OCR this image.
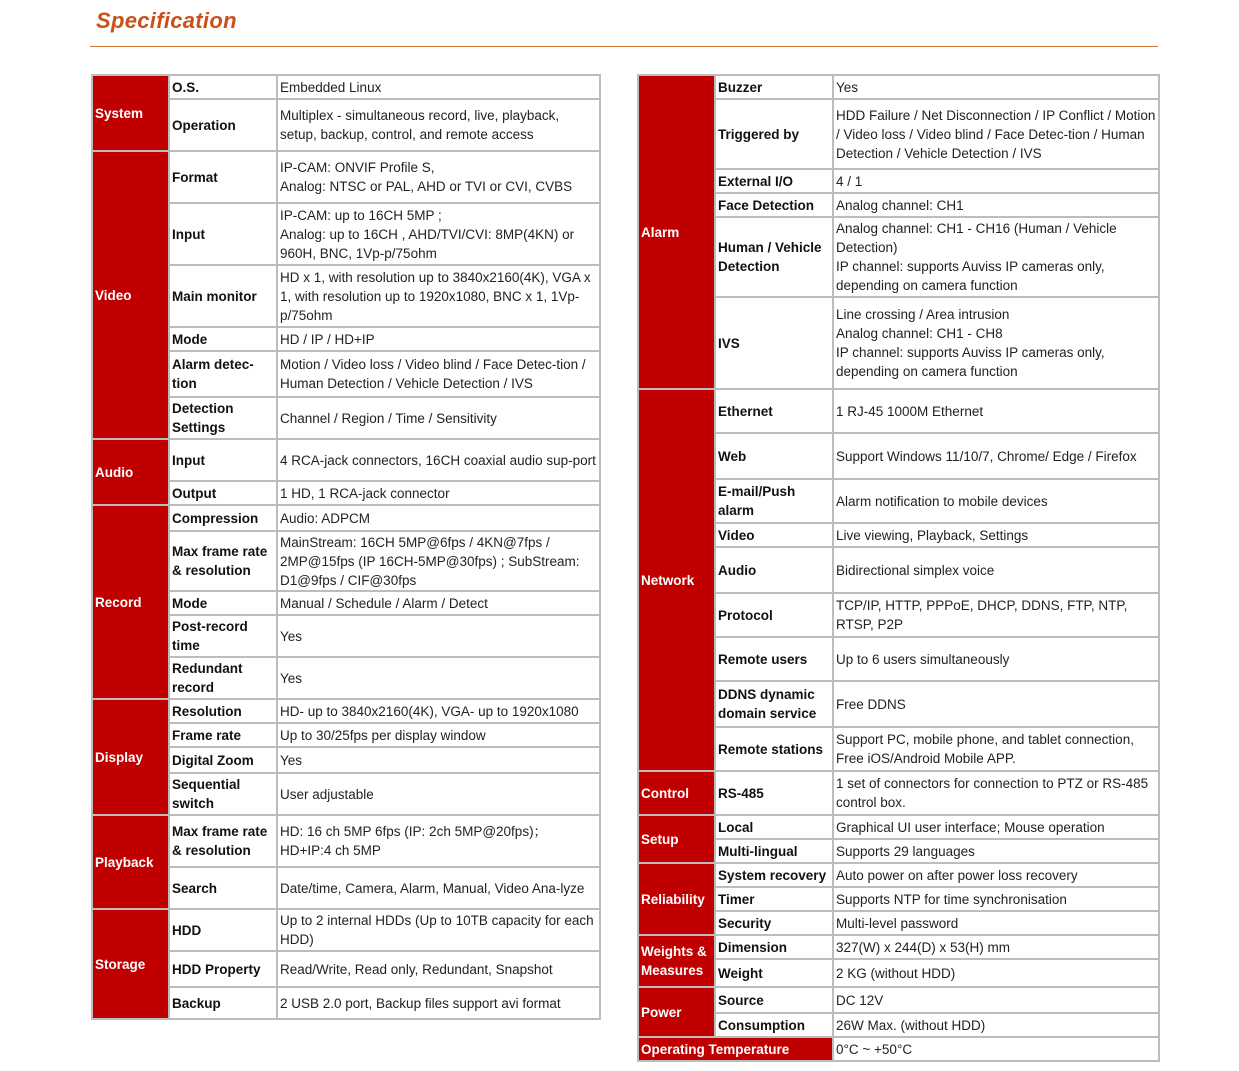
Specification
System	O.S.	Embedded Linux
	Operation	Multiplex - simultaneous record, live, playback, setup, backup, control, and remote access
Video	Format	IP-CAM: ONVIF Profile S,
Analog: NTSC or PAL, AHD or TVI or CVI, CVBS
	Input	IP-CAM: up to 16CH 5MP ;
Analog: up to 16CH , AHD/TVI/CVI: 8MP(4KN) or 960H, BNC, 1Vp-p/75ohm
	Main monitor	HD x 1, with resolution up to 3840x2160(4K), VGA x 1, with resolution up to 1920x1080, BNC x 1, 1Vp-p/75ohm
	Mode	HD / IP / HD+IP
	Alarm detec-tion	Motion / Video loss / Video blind / Face Detec-tion / Human Detection / Vehicle Detection / IVS
	Detection Settings	Channel / Region / Time / Sensitivity
Audio	Input	4 RCA-jack connectors, 16CH coaxial audio sup-port
	Output	1 HD, 1 RCA-jack connector
Record	Compression	Audio: ADPCM
	Max frame rate & resolution	MainStream: 16CH 5MP@6fps / 4KN@7fps / 2MP@15fps (IP 16CH-5MP@30fps) ; SubStream: D1@9fps / CIF@30fps
	Mode	Manual / Schedule / Alarm / Detect
	Post-record time	Yes
	Redundant record	Yes
Display	Resolution	HD- up to 3840x2160(4K), VGA- up to 1920x1080
	Frame rate	Up to 30/25fps per display window
	Digital Zoom	Yes
	Sequential switch	User adjustable
Playback	Max frame rate & resolution	HD: 16 ch 5MP 6fps (IP: 2ch 5MP@20fps)；
HD+IP:4 ch 5MP
	Search	Date/time, Camera, Alarm, Manual, Video Ana-lyze
Storage	HDD	Up to 2 internal HDDs (Up to 10TB capacity for each HDD)
	HDD Property	Read/Write, Read only, Redundant, Snapshot
	Backup	2 USB 2.0 port, Backup files support avi format
Alarm	Buzzer	Yes
	Triggered by	HDD Failure / Net Disconnection / IP Conflict / Motion / Video loss / Video blind / Face Detec-tion / Human Detection / Vehicle Detection / IVS
	External I/O	4 / 1
	Face Detection	Analog channel: CH1
	Human / Vehicle Detection	Analog channel: CH1 - CH16 (Human / Vehicle Detection)
IP channel: supports Auviss IP cameras only, depending on camera function
	IVS	Line crossing / Area intrusion
Analog channel: CH1 - CH8
IP channel: supports Auviss IP cameras only, depending on camera function
Network	Ethernet	1 RJ-45 1000M Ethernet
	Web	Support Windows 11/10/7, Chrome/ Edge / Firefox
	E-mail/Push alarm	Alarm notification to mobile devices
	Video	Live viewing, Playback, Settings
	Audio	Bidirectional simplex voice
	Protocol	TCP/IP, HTTP, PPPoE, DHCP, DDNS, FTP, NTP, RTSP, P2P
	Remote users	Up to 6 users simultaneously
	DDNS dynamic domain service	Free DDNS
	Remote stations	Support PC, mobile phone, and tablet connection, Free iOS/Android Mobile APP.
Control	RS-485	1 set of connectors for connection to PTZ or RS-485 control box.
Setup	Local	Graphical UI user interface; Mouse operation
	Multi-lingual	Supports 29 languages
Reliability	System recovery	Auto power on after power loss recovery
	Timer	Supports NTP for time synchronisation
	Security	Multi-level password
Weights & Measures	Dimension	327(W) x 244(D) x 53(H) mm
	Weight	2 KG (without HDD)
Power	Source	DC 12V
	Consumption	26W Max. (without HDD)
Operating Temperature		0°C ~ +50°C
